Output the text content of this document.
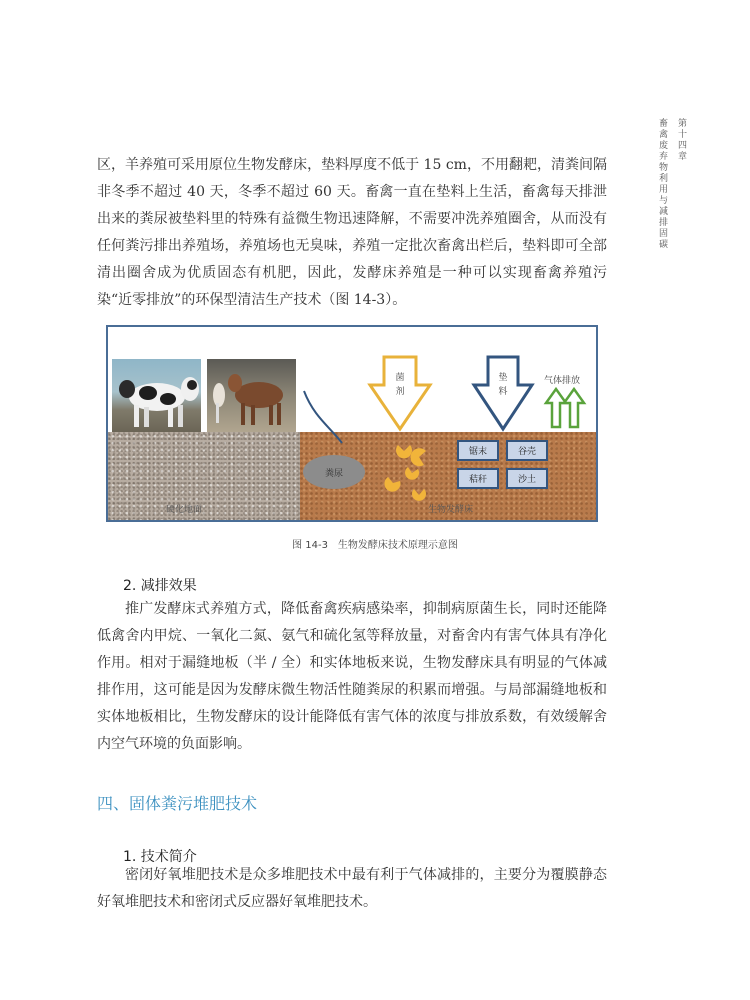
第十四章
畜禽废弃物利用与减排固碳

区，羊养殖可采用原位生物发酵床，垫料厚度不低于 15 cm，不用翻耙，清粪间隔非冬季不超过 40 天，冬季不超过 60 天。畜禽一直在垫料上生活，畜禽每天排泄出来的粪尿被垫料里的特殊有益微生物迅速降解，不需要冲洗养殖圈舍，从而没有任何粪污排出养殖场，养殖场也无臭味，养殖一定批次畜禽出栏后，垫料即可全部清出圈舍成为优质固态有机肥，因此，发酵床养殖是一种可以实现畜禽养殖污染“近零排放”的环保型清洁生产技术（图 14-3）。

硬化地面	生物发酵床
菌
剂
垫
料
气体排放
粪尿
锯末	谷壳
秸秆	沙土
图 14-3　生物发酵床技术原理示意图
2. 减排效果

推广发酵床式养殖方式，降低畜禽疾病感染率，抑制病原菌生长，同时还能降低禽舍内甲烷、一氧化二氮、氨气和硫化氢等释放量，对畜舍内有害气体具有净化作用。相对于漏缝地板（半 / 全）和实体地板来说，生物发酵床具有明显的气体减排作用，这可能是因为发酵床微生物活性随粪尿的积累而增强。与局部漏缝地板和实体地板相比，生物发酵床的设计能降低有害气体的浓度与排放系数，有效缓解舍内空气环境的负面影响。

四、固体粪污堆肥技术
1. 技术简介

密闭好氧堆肥技术是众多堆肥技术中最有利于气体减排的，主要分为覆膜静态好氧堆肥技术和密闭式反应器好氧堆肥技术。
